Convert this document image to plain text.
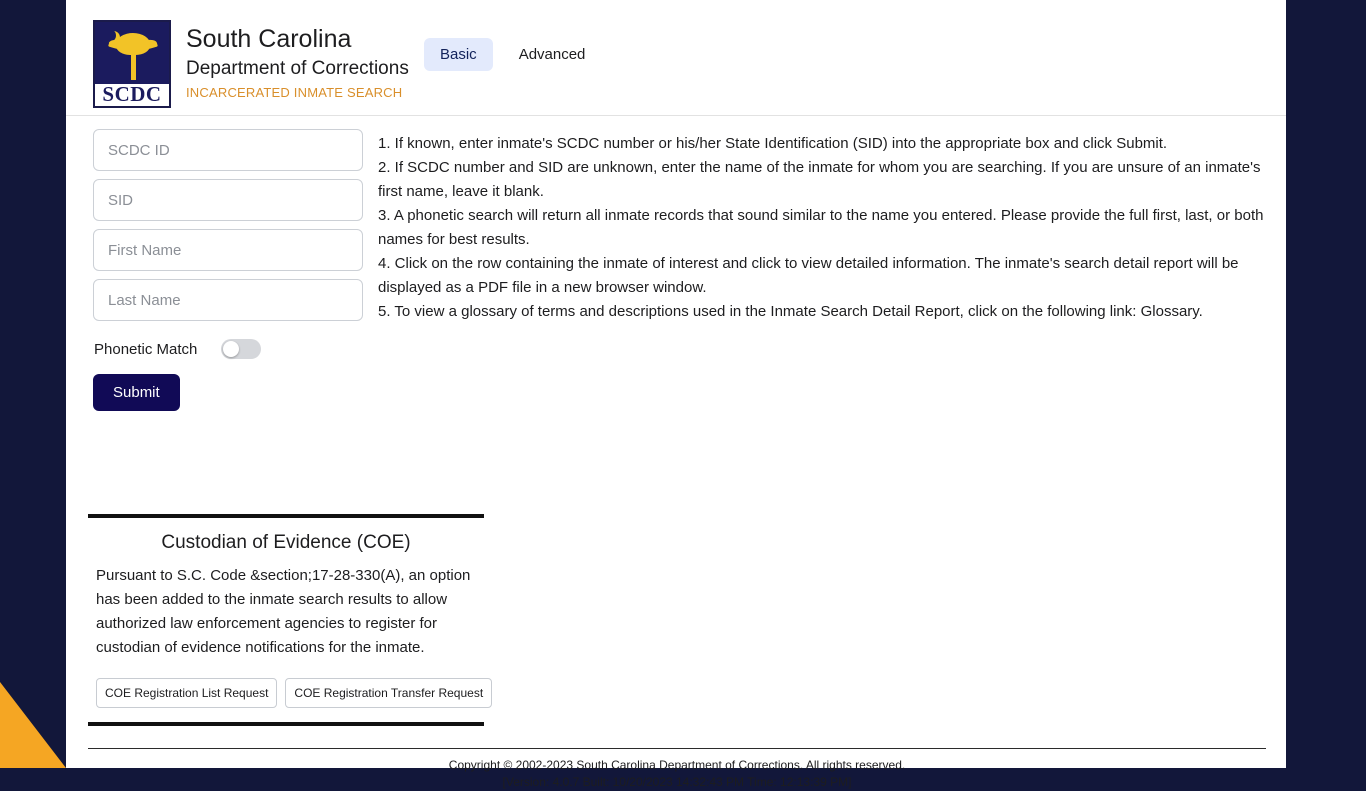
SCDC
South Carolina
Department of Corrections
INCARCERATED INMATE SEARCH
Basic	Advanced
SCDC ID SID First Name Last Name
Phonetic Match
Submit

1. If known, enter inmate's SCDC number or his/her State Identification (SID) into the appropriate box and click Submit.

2. If SCDC number and SID are unknown, enter the name of the inmate for whom you are searching. If you are unsure of an inmate's first name, leave it blank.

3. A phonetic search will return all inmate records that sound similar to the name you entered. Please provide the full first, last, or both names for best results.

4. Click on the row containing the inmate of interest and click to view detailed information. The inmate's search detail report will be displayed as a PDF file in a new browser window.

5. To view a glossary of terms and descriptions used in the Inmate Search Detail Report, click on the following link: Glossary.

Custodian of Evidence (COE)
Pursuant to S.C. Code &section;17-28-330(A), an option has been added to the inmate search results to allow authorized law enforcement agencies to register for custodian of evidence notifications for the inmate.
COE Registration List Request	COE Registration Transfer Request
Copyright © 2002-2023 South Carolina Department of Corrections. All rights reserved.
[Version: 4.0.7 Built: 10/20/2023 14:32:43 PM Time: 12:13:39 PM]
